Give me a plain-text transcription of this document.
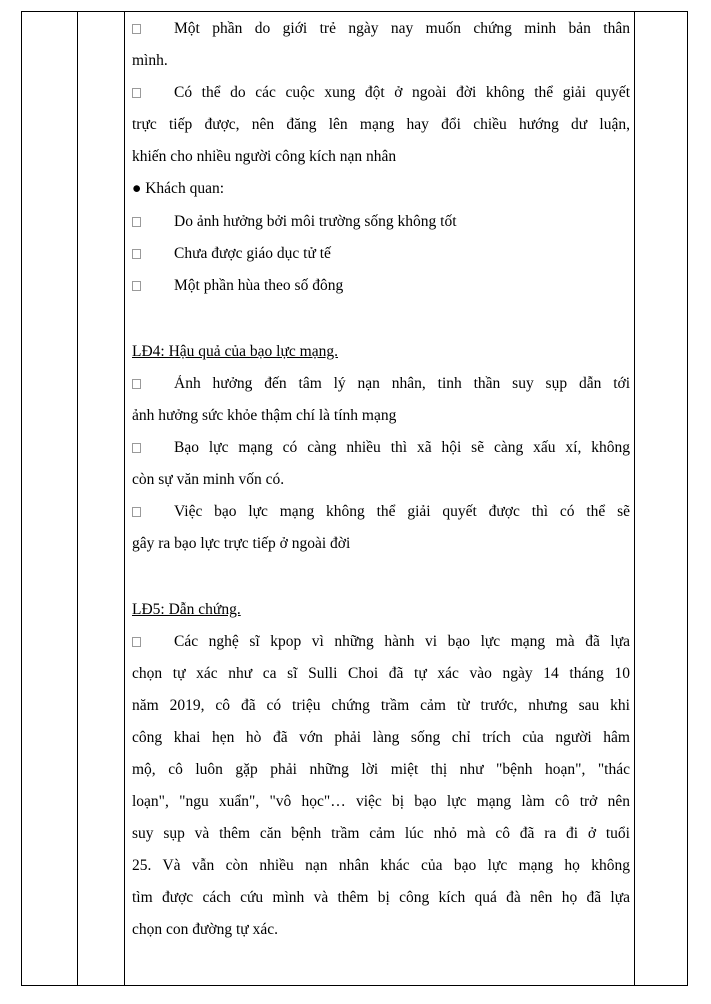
Một phần do giới trẻ ngày nay muốn chứng minh bản thân
mình.
Có thể do các cuộc xung đột ở ngoài đời không thể giải quyết
trực tiếp được, nên đăng lên mạng hay đổi chiều hướng dư luận,
khiến cho nhiều người công kích nạn nhân
● Khách quan:
Do ảnh hưởng bởi môi trường sống không tốt
Chưa được giáo dục tử tế
Một phần hùa theo số đông
LĐ4: Hậu quả của bạo lực mạng.
Ảnh hưởng đến tâm lý nạn nhân, tinh thần suy sụp dẫn tới
ảnh hưởng sức khỏe thậm chí là tính mạng
Bạo lực mạng có càng nhiều thì xã hội sẽ càng xấu xí, không
còn sự văn minh vốn có.
Việc bạo lực mạng không thể giải quyết được thì có thể sẽ
gây ra bạo lực trực tiếp ở ngoài đời
LĐ5: Dẫn chứng.
Các nghệ sĩ kpop vì những hành vi bạo lực mạng mà đã lựa
chọn tự xác như ca sĩ Sulli Choi đã tự xác vào ngày 14 tháng 10
năm 2019, cô đã có triệu chứng trầm cảm từ trước, nhưng sau khi
công khai hẹn hò đã vớn phải làng sống chỉ trích của người hâm
mộ, cô luôn gặp phải những lời miệt thị như "bệnh hoạn", "thác
loạn", "ngu xuẩn", "vô học"… việc bị bạo lực mạng làm cô trở nên
suy sụp và thêm căn bệnh trầm cảm lúc nhỏ mà cô đã ra đi ở tuổi
25. Và vẫn còn nhiều nạn nhân khác của bạo lực mạng họ không
tìm được cách cứu mình và thêm bị công kích quá đà nên họ đã lựa
chọn con đường tự xác.
